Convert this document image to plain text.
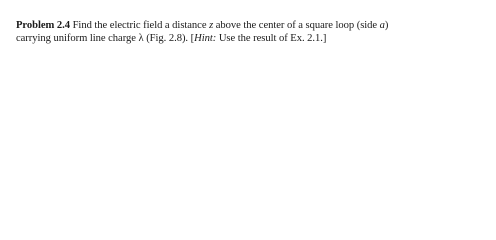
Problem 2.4 Find the electric field a distance z above the center of a square loop (side a)
carrying uniform line charge λ (Fig. 2.8). [Hint: Use the result of Ex. 2.1.]
